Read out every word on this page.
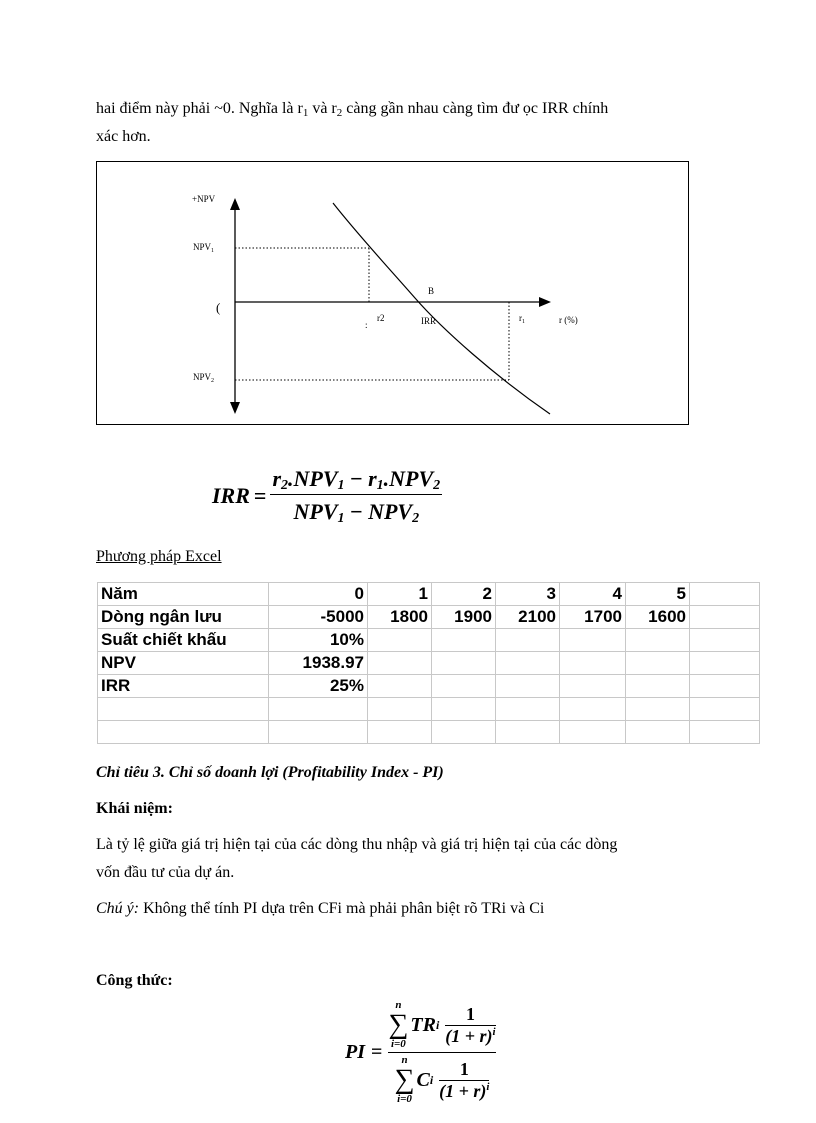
hai điểm này phải ~0. Nghĩa là $r_1$ và $r_2$ càng gần nhau càng tìm đư ọc IRR chính
xác hơn.
+NPV
$NPV_1$
$NPV_2$
(
B
r2
:	IRR	$r_1$	r (%)
IRR = $\frac{r_2.NPV_1 - r_1.NPV_2}{NPV_1 - NPV_2}$
Phương pháp Excel
Năm	0	1	2	3	4	5	
Dòng ngân lưu	-5000	1800	1900	2100	1700	1600	
Suất chiết khấu	10%						
NPV	1938.97						
IRR	25%						

Chỉ tiêu 3. Chỉ số doanh lợi (Profitability Index - PI)
Khái niệm:
Là tỷ lệ giữa giá trị hiện tại của các dòng thu nhập và giá trị hiện tại của các dòng
vốn đầu tư của dự án.
Chú ý: Không thể tính PI dựa trên CFi mà phải phân biệt rõ TRi và Ci
Công thức:
PI =
n
∑
i=0
TR i $\frac{1}{(1 + r)^i}$
n
∑
i=0
C i $\frac{1}{(1 + r)^i}$
